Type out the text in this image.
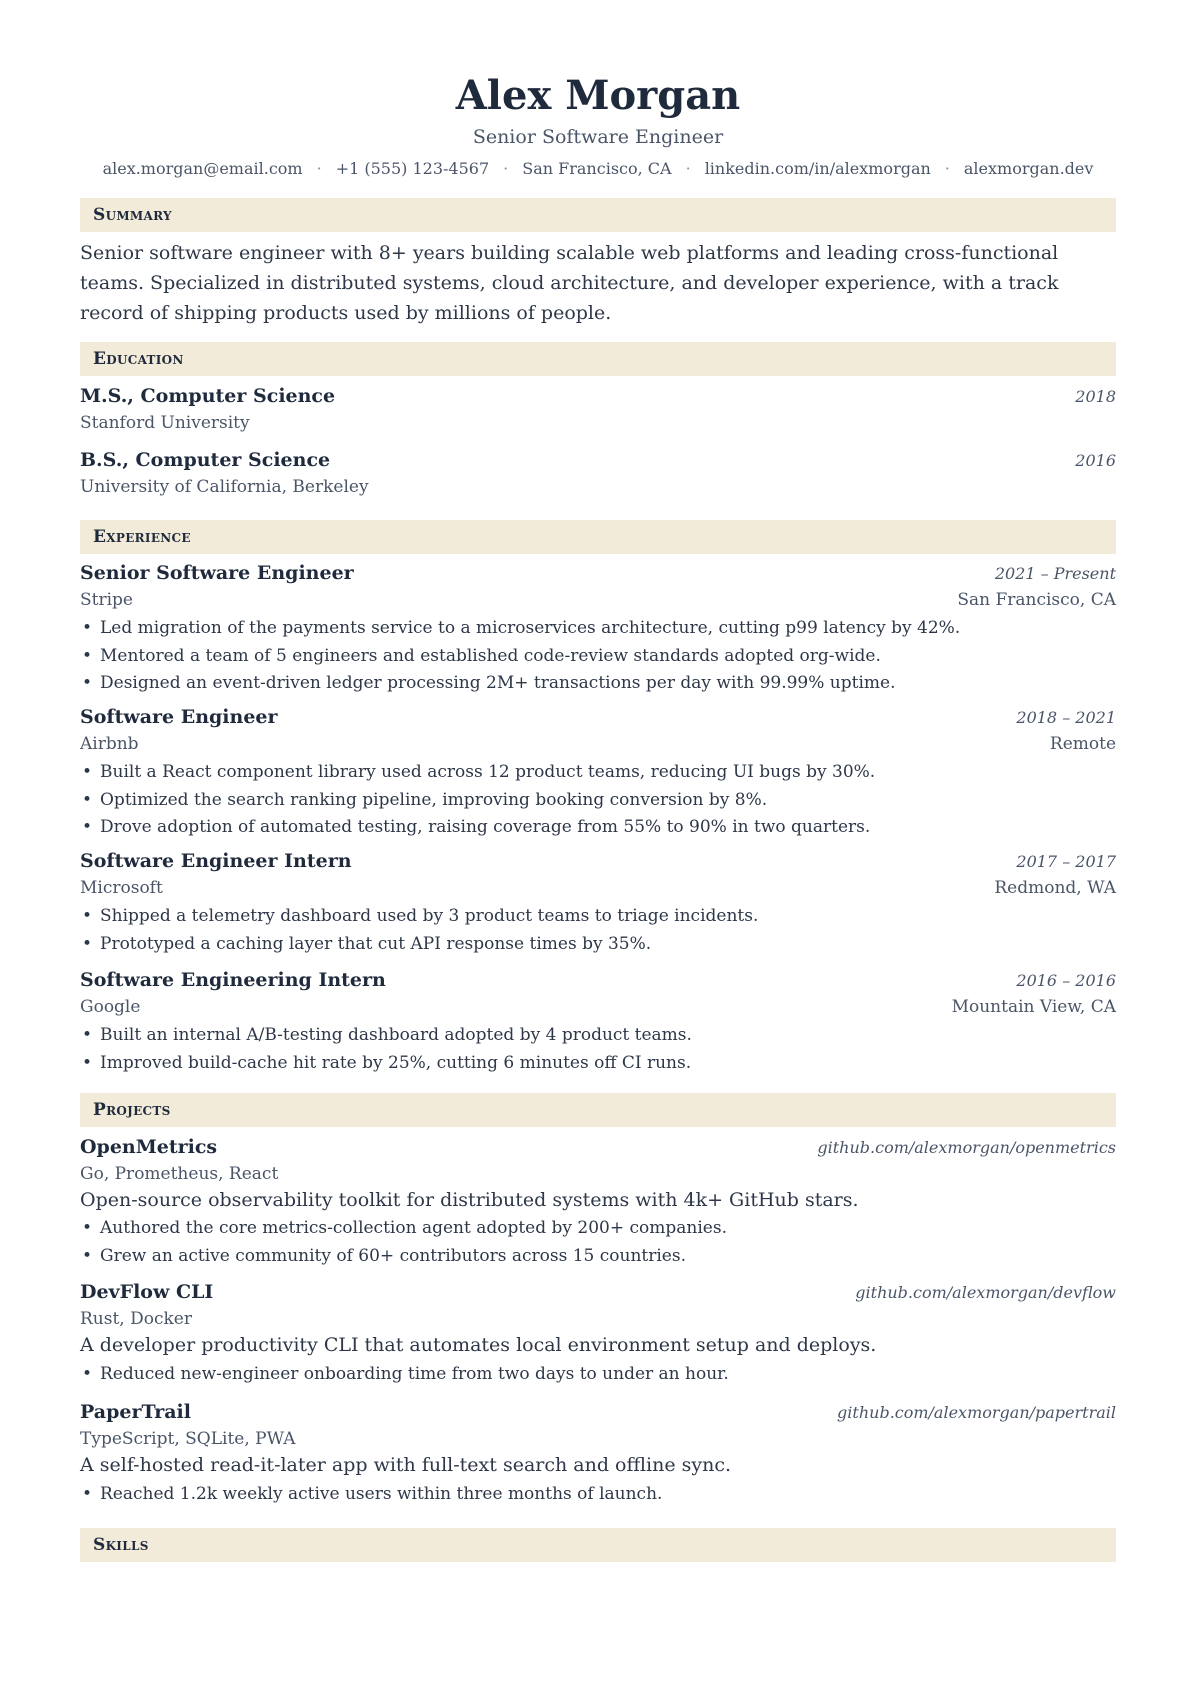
Alex Morgan
Senior Software Engineer
alex.morgan@email.com · +1 (555) 123-4567 · San Francisco, CA · linkedin.com/in/alexmorgan · alexmorgan.dev
Summary
Senior software engineer with 8+ years building scalable web platforms and leading cross-functional teams. Specialized in distributed systems, cloud architecture, and developer experience, with a track record of shipping products used by millions of people.
Education
M.S., Computer Science	2018
Stanford University
B.S., Computer Science	2016
University of California, Berkeley
Experience
Senior Software Engineer	2021 – Present
Stripe	San Francisco, CA
• Led migration of the payments service to a microservices architecture, cutting p99 latency by 42%.
• Mentored a team of 5 engineers and established code-review standards adopted org-wide.
• Designed an event-driven ledger processing 2M+ transactions per day with 99.99% uptime.
Software Engineer	2018 – 2021
Airbnb	Remote
• Built a React component library used across 12 product teams, reducing UI bugs by 30%.
• Optimized the search ranking pipeline, improving booking conversion by 8%.
• Drove adoption of automated testing, raising coverage from 55% to 90% in two quarters.
Software Engineer Intern	2017 – 2017
Microsoft	Redmond, WA
• Shipped a telemetry dashboard used by 3 product teams to triage incidents.
• Prototyped a caching layer that cut API response times by 35%.
Software Engineering Intern	2016 – 2016
Google	Mountain View, CA
• Built an internal A/B-testing dashboard adopted by 4 product teams.
• Improved build-cache hit rate by 25%, cutting 6 minutes off CI runs.
Projects
OpenMetrics	github.com/alexmorgan/openmetrics
Go, Prometheus, React
Open-source observability toolkit for distributed systems with 4k+ GitHub stars.
• Authored the core metrics-collection agent adopted by 200+ companies.
• Grew an active community of 60+ contributors across 15 countries.
DevFlow CLI	github.com/alexmorgan/devflow
Rust, Docker
A developer productivity CLI that automates local environment setup and deploys.
• Reduced new-engineer onboarding time from two days to under an hour.
PaperTrail	github.com/alexmorgan/papertrail
TypeScript, SQLite, PWA
A self-hosted read-it-later app with full-text search and offline sync.
• Reached 1.2k weekly active users within three months of launch.
Skills
